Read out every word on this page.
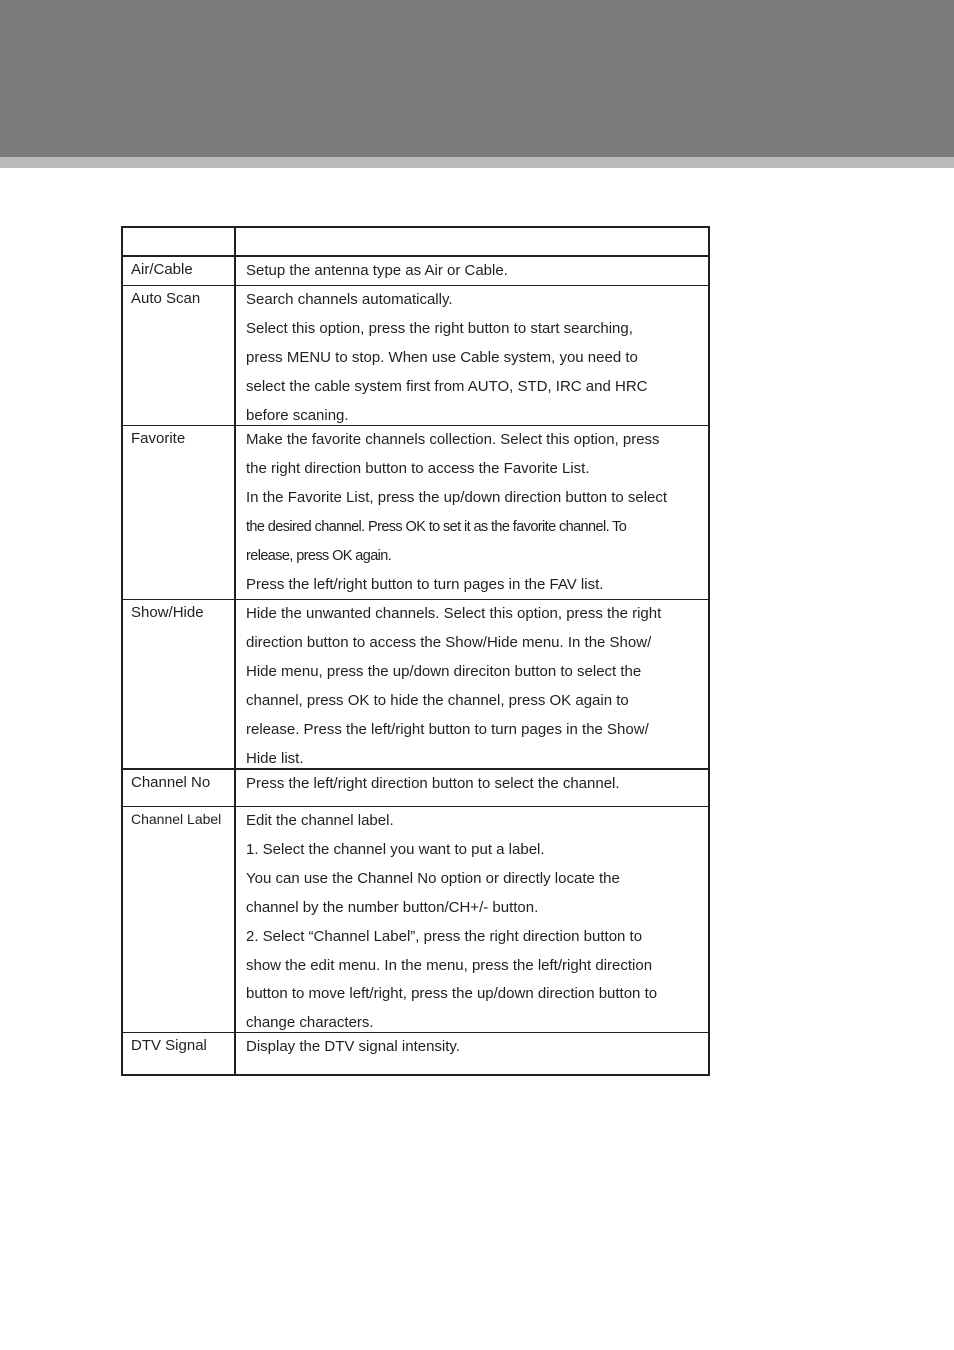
Air/Cable	Setup the antenna type as Air or Cable.
Auto Scan	Search channels automatically.
Select this option, press the right button to start searching,
press MENU to stop. When use Cable system, you need to
select the cable system first from AUTO, STD, IRC and HRC
before scaning.
Favorite	Make the favorite channels collection. Select this option, press
the right direction button to access the Favorite List.
In the Favorite List, press the up/down direction button to select
the desired channel. Press OK to set it as the favorite channel. To
release, press OK again.
Press the left/right button to turn pages in the FAV list.
Show/Hide	Hide the unwanted channels. Select this option, press the right
direction button to access the Show/Hide menu. In the Show/
Hide menu, press the up/down direciton button to select the
channel, press OK to hide the channel, press OK again to
release. Press the left/right button to turn pages in the Show/
Hide list.
Channel No	Press the left/right direction button to select the channel.
Channel Label	Edit the channel label.
1. Select the channel you want to put a label.
You can use the Channel No option or directly locate the
channel by the number button/CH+/- button.
2. Select “Channel Label”, press the right direction button to
show the edit menu. In the menu, press the left/right direction
button to move left/right, press the up/down direction button to
change characters.
DTV Signal	Display the DTV signal intensity.
